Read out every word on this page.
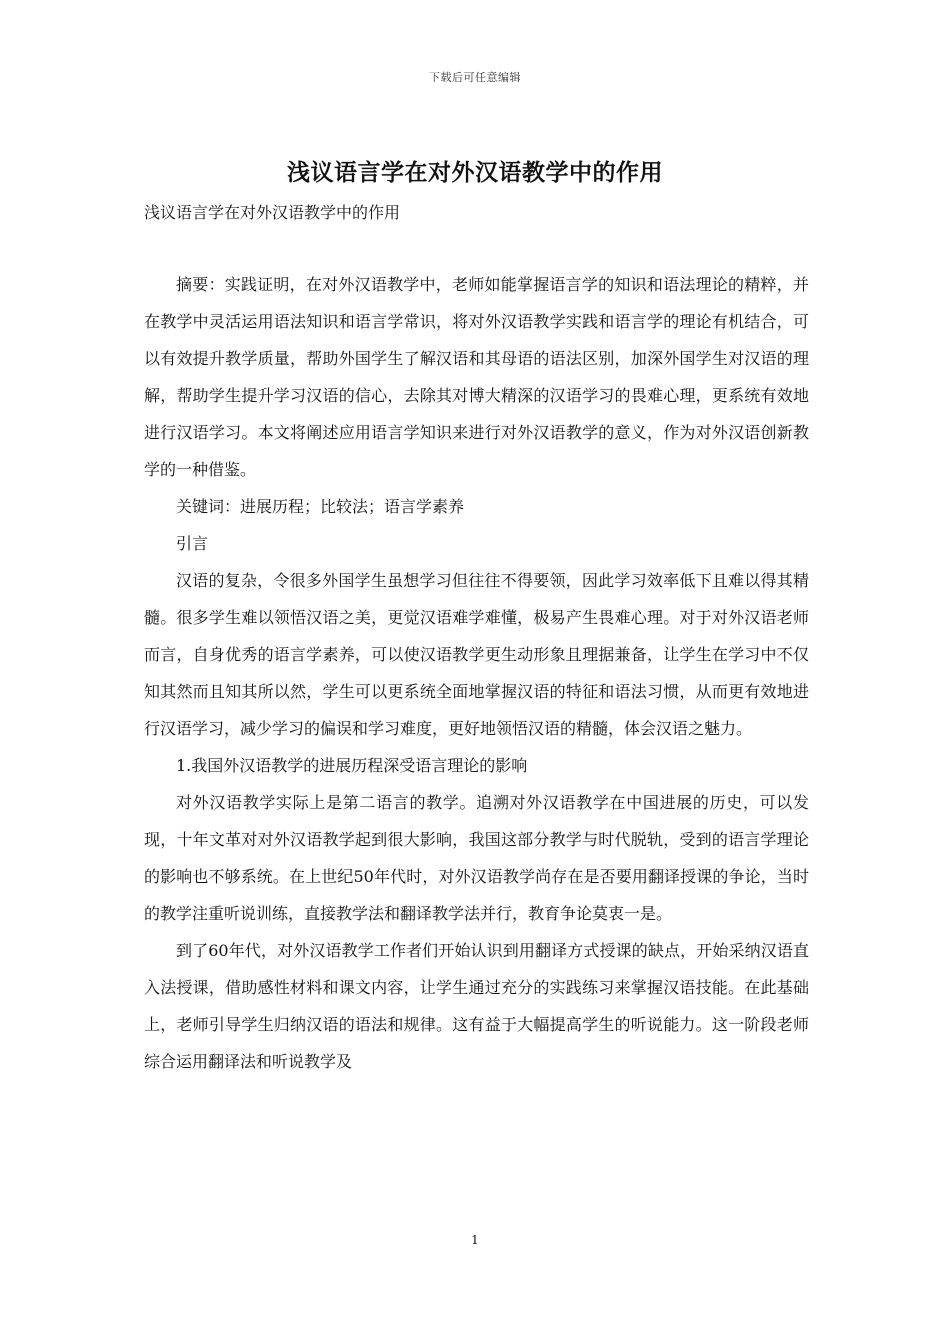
下载后可任意编辑
浅议语言学在对外汉语教学中的作用
浅议语言学在对外汉语教学中的作用

摘要：实践证明，在对外汉语教学中，老师如能掌握语言学的知识和语法理论的精粹，并在教学中灵活运用语法知识和语言学常识，将对外汉语教学实践和语言学的理论有机结合，可以有效提升教学质量，帮助外国学生了解汉语和其母语的语法区别，加深外国学生对汉语的理解，帮助学生提升学习汉语的信心，去除其对博大精深的汉语学习的畏难心理，更系统有效地进行汉语学习。本文将阐述应用语言学知识来进行对外汉语教学的意义，作为对外汉语创新教学的一种借鉴。

关键词：进展历程；比较法；语言学素养

引言

汉语的复杂，令很多外国学生虽想学习但往往不得要领，因此学习效率低下且难以得其精髓。很多学生难以领悟汉语之美，更觉汉语难学难懂，极易产生畏难心理。对于对外汉语老师而言，自身优秀的语言学素养，可以使汉语教学更生动形象且理据兼备，让学生在学习中不仅知其然而且知其所以然，学生可以更系统全面地掌握汉语的特征和语法习惯，从而更有效地进行汉语学习，减少学习的偏误和学习难度，更好地领悟汉语的精髓，体会汉语之魅力。

1.我国外汉语教学的进展历程深受语言理论的影响

对外汉语教学实际上是第二语言的教学。追溯对外汉语教学在中国进展的历史，可以发现，十年文革对对外汉语教学起到很大影响，我国这部分教学与时代脱轨，受到的语言学理论的影响也不够系统。在上世纪50年代时，对外汉语教学尚存在是否要用翻译授课的争论，当时的教学注重听说训练，直接教学法和翻译教学法并行，教育争论莫衷一是。

到了60年代，对外汉语教学工作者们开始认识到用翻译方式授课的缺点，开始采纳汉语直入法授课，借助感性材料和课文内容，让学生通过充分的实践练习来掌握汉语技能。在此基础上，老师引导学生归纳汉语的语法和规律。这有益于大幅提高学生的听说能力。这一阶段老师综合运用翻译法和听说教学及

1
